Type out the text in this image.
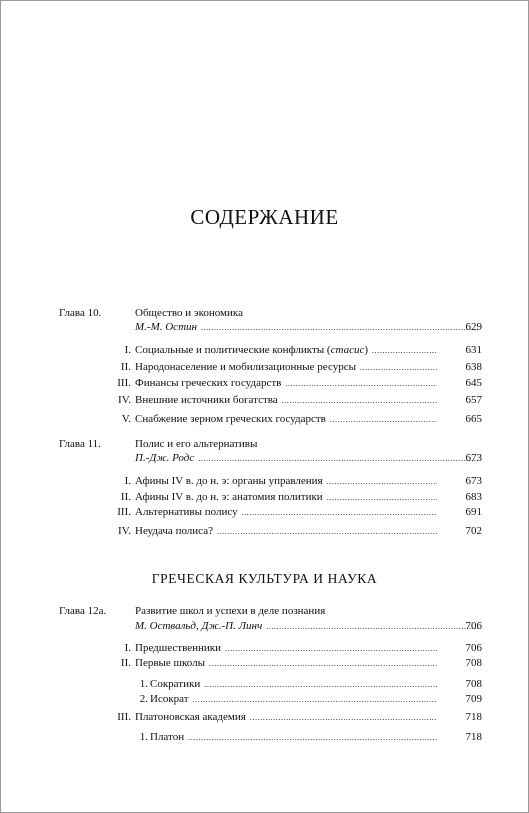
СОДЕРЖАНИЕ
Глава 10.	Общество и экономика
М.-М. Остин .....	629
I. Социальные и политические конфликты (стасис) .....	631
II. Народонаселение и мобилизационные ресурсы .....	638
III. Финансы греческих государств .....	645
IV. Внешние источники богатства .....	657
V. Снабжение зерном греческих государств .....	665
Глава 11.	Полис и его альтернативы
П.-Дж. Родс .....	673
I. Афины IV в. до н. э: органы управления .....	673
II. Афины IV в. до н. э: анатомия политики .....	683
III. Альтернативы полису .....	691
IV. Неудача полиса? .....	702
ГРЕЧЕСКАЯ КУЛЬТУРА И НАУКА
Глава 12а.	Развитие школ и успехи в деле познания
М. Оствальд, Дж.-П. Линч .....	706
I. Предшественники .....	706
II. Первые школы .....	708
1. Сократики .....	708
2. Исократ .....	709
III. Платоновская академия .....	718
1. Платон .....	718
